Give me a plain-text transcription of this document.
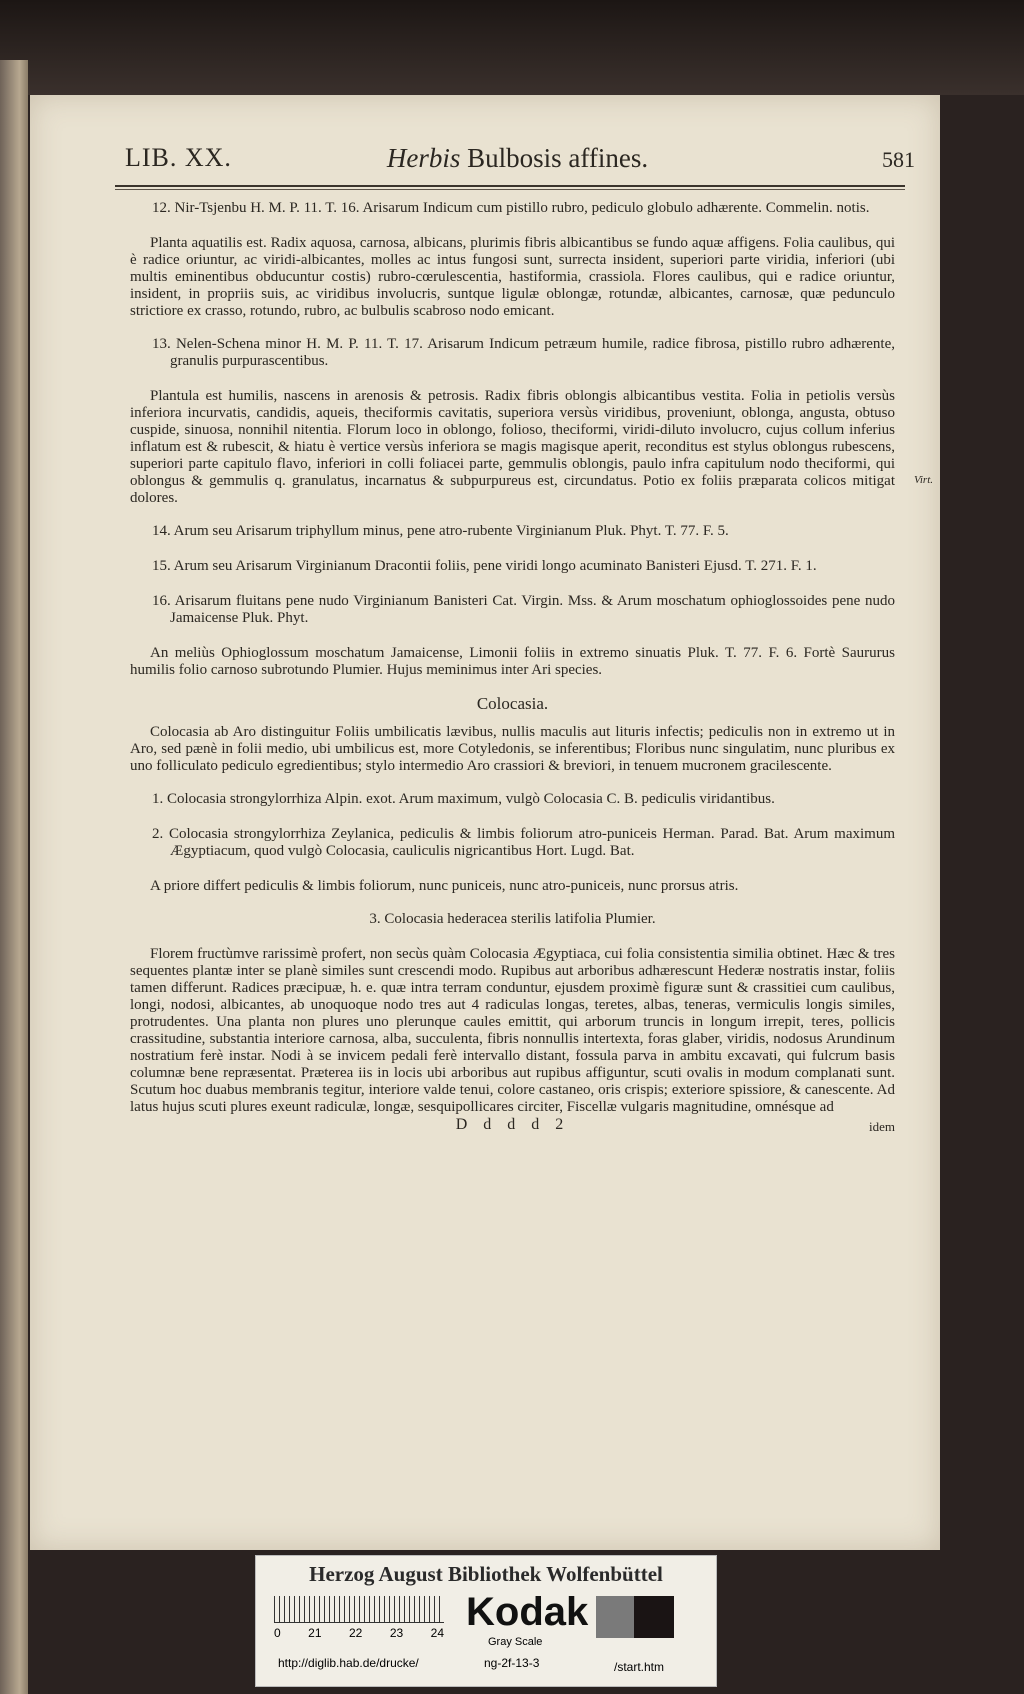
LIB. XX.	Herbis Bulbosis affines.	581

12. Nir-Tsjenbu H. M. P. 11. T. 16. Arisarum Indicum cum pistillo rubro, pediculo globulo adhærente. Commelin. notis.

Planta aquatilis est. Radix aquosa, carnosa, albicans, plurimis fibris albicantibus se fundo aquæ affigens. Folia caulibus, qui è radice oriuntur, ac viridi-albicantes, molles ac intus fungosi sunt, surrecta insident, superiori parte viridia, inferiori (ubi multis eminentibus obducuntur costis) rubro-cœrulescentia, hastiformia, crassiola. Flores caulibus, qui e radice oriuntur, insident, in propriis suis, ac viridibus involucris, suntque ligulæ oblongæ, rotundæ, albicantes, carnosæ, quæ pedunculo strictiore ex crasso, rotundo, rubro, ac bulbulis scabroso nodo emicant.

13. Nelen-Schena minor H. M. P. 11. T. 17. Arisarum Indicum petræum humile, radice fibrosa, pistillo rubro adhærente, granulis purpurascentibus.

Plantula est humilis, nascens in arenosis & petrosis. Radix fibris oblongis albicantibus vestita. Folia in petiolis versùs inferiora incurvatis, candidis, aqueis, theciformis cavitatis, superiora versùs viridibus, proveniunt, oblonga, angusta, obtuso cuspide, sinuosa, nonnihil nitentia. Florum loco in oblongo, folioso, theciformi, viridi-diluto involucro, cujus collum inferius inflatum est & rubescit, & hiatu è vertice versùs inferiora se magis magisque aperit, reconditus est stylus oblongus rubescens, superiori parte capitulo flavo, inferiori in colli foliacei parte, gemmulis oblongis, paulo infra capitulum nodo theciformi, qui oblongus & gemmulis q. granulatus, incarnatus & subpurpureus est, circundatus. Potio ex foliis præparata colicos mitigat dolores.

Virt.

14. Arum seu Arisarum triphyllum minus, pene atro-rubente Virginianum Pluk. Phyt. T. 77. F. 5.

15. Arum seu Arisarum Virginianum Dracontii foliis, pene viridi longo acuminato Banisteri Ejusd. T. 271. F. 1.

16. Arisarum fluitans pene nudo Virginianum Banisteri Cat. Virgin. Mss. & Arum moschatum ophioglossoides pene nudo Jamaicense Pluk. Phyt.

An meliùs Ophioglossum moschatum Jamaicense, Limonii foliis in extremo sinuatis Pluk. T. 77. F. 6. Fortè Saururus humilis folio carnoso subrotundo Plumier. Hujus meminimus inter Ari species.

Colocasia.

Colocasia ab Aro distinguitur Foliis umbilicatis lævibus, nullis maculis aut lituris infectis; pediculis non in extremo ut in Aro, sed pænè in folii medio, ubi umbilicus est, more Cotyledonis, se inferentibus; Floribus nunc singulatim, nunc pluribus ex uno folliculato pediculo egredientibus; stylo intermedio Aro crassiori & breviori, in tenuem mucronem gracilescente.

1. Colocasia strongylorrhiza Alpin. exot. Arum maximum, vulgò Colocasia C. B. pediculis viridantibus.

2. Colocasia strongylorrhiza Zeylanica, pediculis & limbis foliorum atro-puniceis Herman. Parad. Bat. Arum maximum Ægyptiacum, quod vulgò Colocasia, cauliculis nigricantibus Hort. Lugd. Bat.

A priore differt pediculis & limbis foliorum, nunc puniceis, nunc atro-puniceis, nunc prorsus atris.

3. Colocasia hederacea sterilis latifolia Plumier.

Florem fructùmve rarissimè profert, non secùs quàm Colocasia Ægyptiaca, cui folia consistentia similia obtinet. Hæc & tres sequentes plantæ inter se planè similes sunt crescendi modo. Rupibus aut arboribus adhærescunt Hederæ nostratis instar, foliis tamen differunt. Radices præcipuæ, h. e. quæ intra terram conduntur, ejusdem proximè figuræ sunt & crassitiei cum caulibus, longi, nodosi, albicantes, ab unoquoque nodo tres aut 4 radiculas longas, teretes, albas, teneras, vermiculis longis similes, protrudentes. Una planta non plures uno plerunque caules emittit, qui arborum truncis in longum irrepit, teres, pollicis crassitudine, substantia interiore carnosa, alba, succulenta, fibris nonnullis intertexta, foras glaber, viridis, nodosus Arundinum nostratium ferè instar. Nodi à se invicem pedali ferè intervallo distant, fossula parva in ambitu excavati, qui fulcrum basis columnæ bene repræsentat. Præterea iis in locis ubi arboribus aut rupibus affiguntur, scuti ovalis in modum complanati sunt. Scutum hoc duabus membranis tegitur, interiore valde tenui, colore castaneo, oris crispis; exteriore spissiore, & canescente. Ad latus hujus scuti plures exeunt radiculæ, longæ, sesquipollicares circiter, Fiscellæ vulgaris magnitudine, omnésque ad

D d d d 2	idem
Herzog August Bibliothek Wolfenbüttel
0 21 22 23 24 Kodak
Gray Scale
http://diglib.hab.de/drucke/	ng-2f-13-3	/start.htm
